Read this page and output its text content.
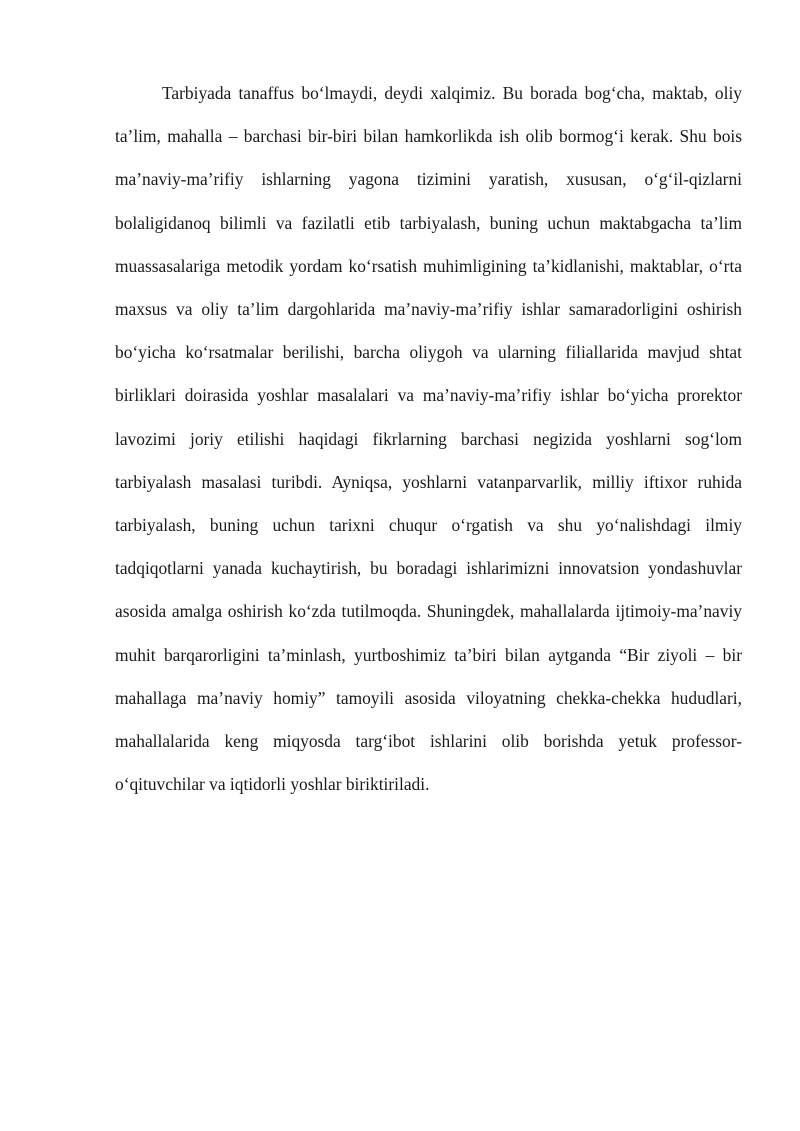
Tarbiyada tanaffus bo‘lmaydi, deydi xalqimiz. Bu borada bog‘cha, maktab, oliy ta’lim, mahalla – barchasi bir-biri bilan hamkorlikda ish olib bormog‘i kerak. Shu bois ma’naviy-ma’rifiy ishlarning yagona tizimini yaratish, xususan, o‘g‘il-qizlarni bolaligidanoq bilimli va fazilatli etib tarbiyalash, buning uchun maktabgacha ta’lim muassasalariga metodik yordam ko‘rsatish muhimligining ta’kidlanishi, maktablar, o‘rta maxsus va oliy ta’lim dargohlarida ma’naviy-ma’rifiy ishlar samaradorligini oshirish bo‘yicha ko‘rsatmalar berilishi, barcha oliygoh va ularning filiallarida mavjud shtat birliklari doirasida yoshlar masalalari va ma’naviy-ma’rifiy ishlar bo‘yicha prorektor lavozimi joriy etilishi haqidagi fikrlarning barchasi negizida yoshlarni sog‘lom tarbiyalash masalasi turibdi. Ayniqsa, yoshlarni vatanparvarlik, milliy iftixor ruhida tarbiyalash, buning uchun tarixni chuqur o‘rgatish va shu yo‘nalishdagi ilmiy tadqiqotlarni yanada kuchaytirish, bu boradagi ishlarimizni innovatsion yondashuvlar asosida amalga oshirish ko‘zda tutilmoqda. Shuningdek, mahallalarda ijtimoiy-ma’naviy muhit barqarorligini ta’minlash, yurtboshimiz ta’biri bilan aytganda “Bir ziyoli – bir mahallaga ma’naviy homiy” tamoyili asosida viloyatning chekka-chekka hududlari, mahallalarida keng miqyosda targ‘ibot ishlarini olib borishda yetuk professor-o‘qituvchilar va iqtidorli yoshlar biriktiriladi.
